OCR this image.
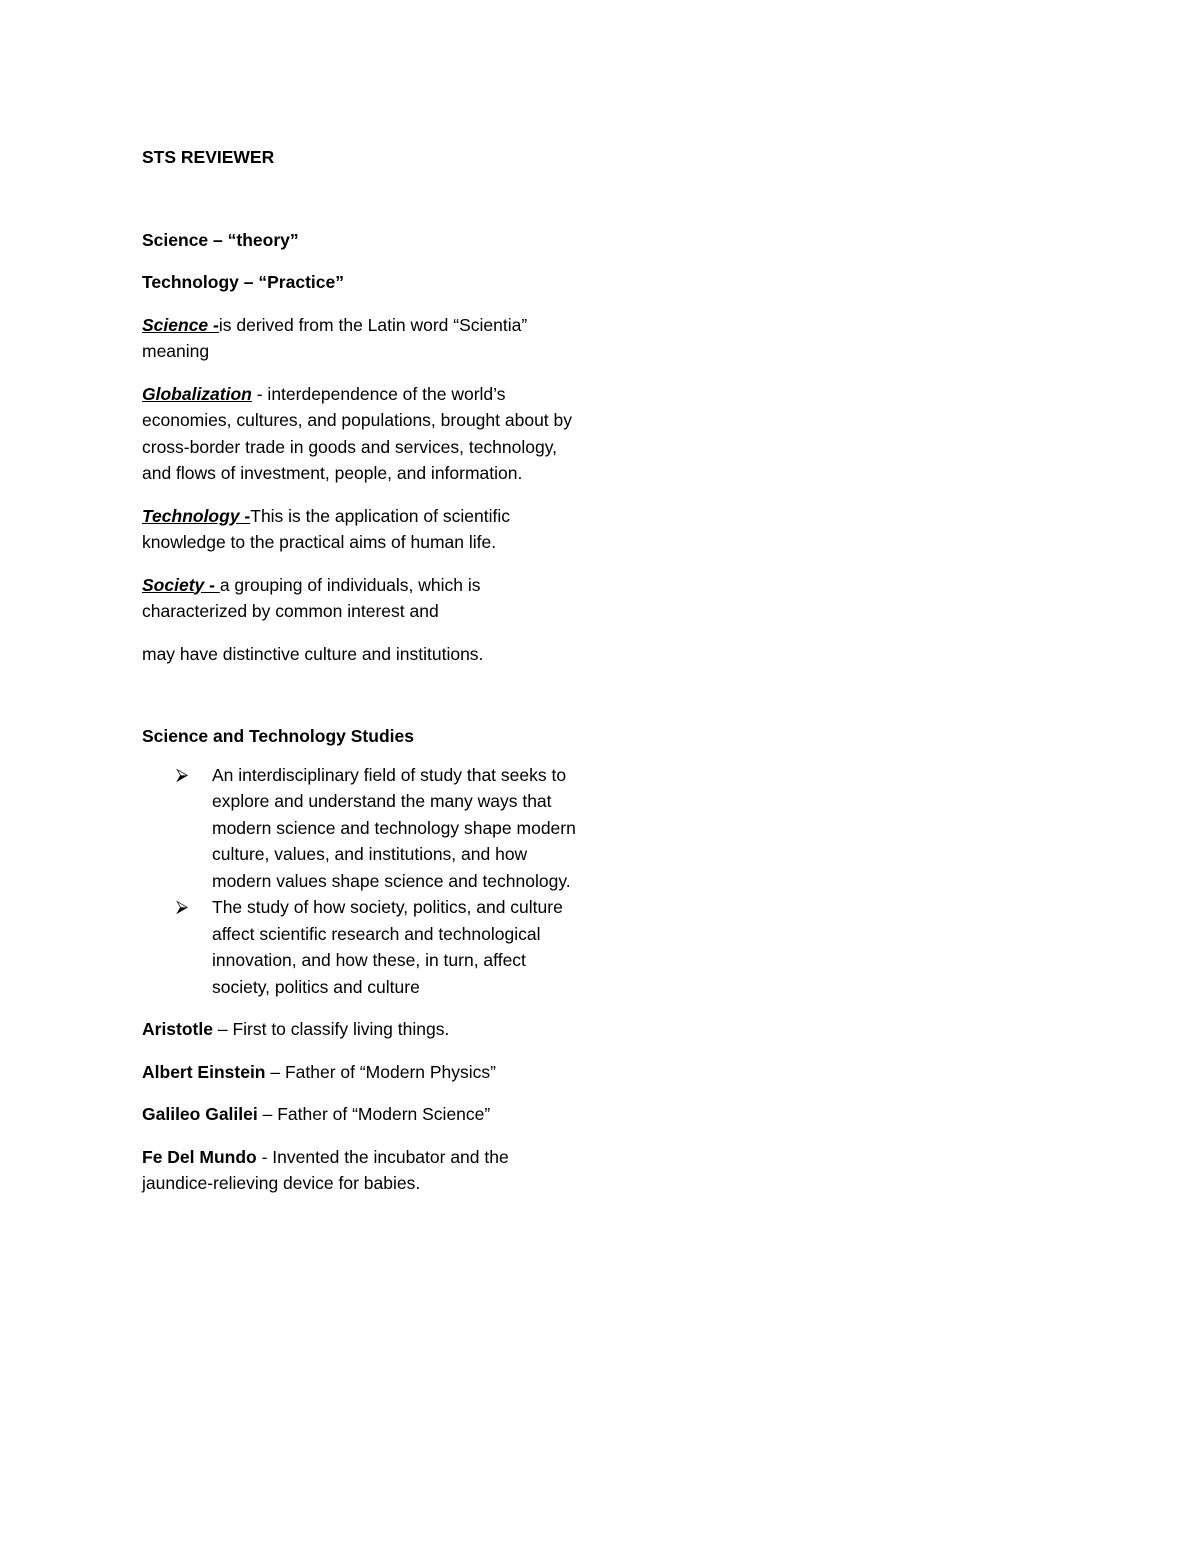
STS REVIEWER

Science – “theory”

Technology – “Practice”

Science -is derived from the Latin word “Scientia” meaning

Globalization - interdependence of the world’s economies, cultures, and populations, brought about by cross-border trade in goods and services, technology, and flows of investment, people, and information.

Technology -This is the application of scientific knowledge to the practical aims of human life.

Society - a grouping of individuals, which is characterized by common interest and

may have distinctive culture and institutions.

Science and Technology Studies

⮚ An interdisciplinary field of study that seeks to explore and understand the many ways that modern science and technology shape modern culture, values, and institutions, and how modern values shape science and technology.
⮚ The study of how society, politics, and culture affect scientific research and technological innovation, and how these, in turn, affect society, politics and culture

Aristotle – First to classify living things.

Albert Einstein – Father of “Modern Physics”

Galileo Galilei – Father of “Modern Science”

Fe Del Mundo - Invented the incubator and the jaundice-relieving device for babies.
